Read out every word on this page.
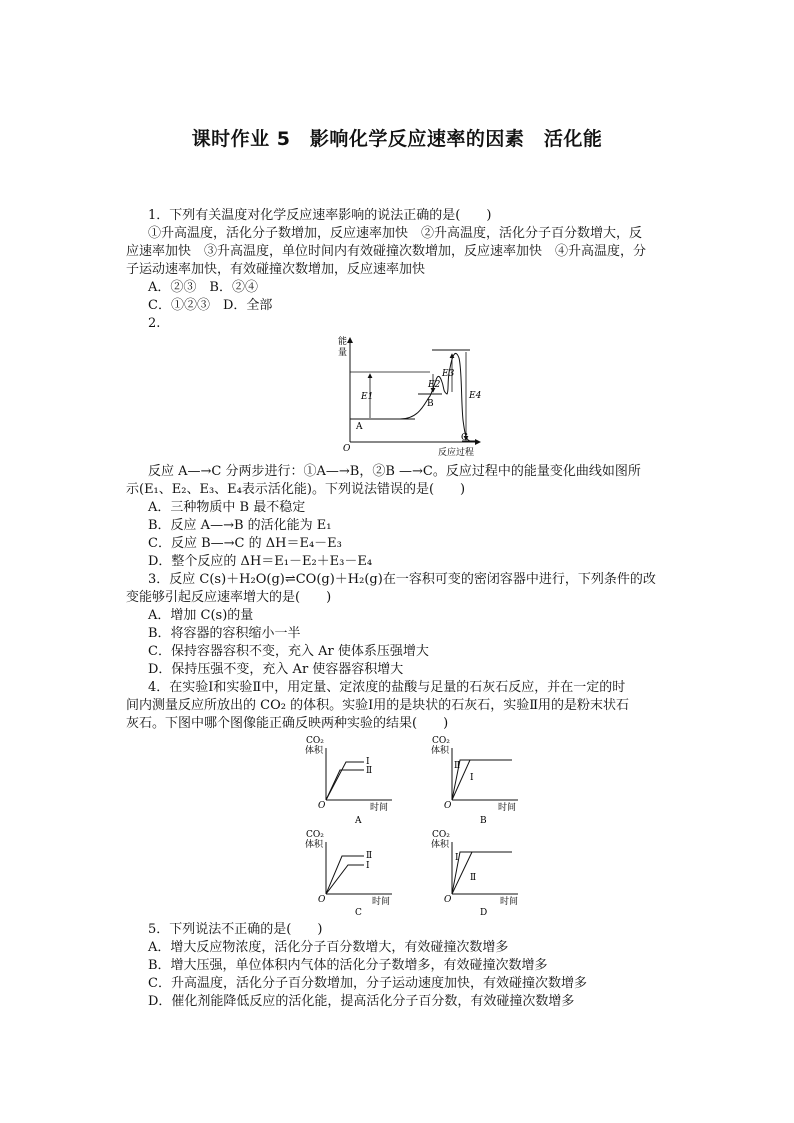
课时作业 5　影响化学反应速率的因素　活化能
1．下列有关温度对化学反应速率影响的说法正确的是(　　)
①升高温度，活化分子数增加，反应速率加快　②升高温度，活化分子百分数增大，反
应速率加快　③升高温度，单位时间内有效碰撞次数增加，反应速率加快　④升高温度，分
子运动速率加快，有效碰撞次数增加，反应速率加快
A．②③　B．②④
C．①②③　D．全部
2.
能
量
O	反应过程
E1
E2
E3
E4
A
B
C
反应 A—→C 分两步进行：①A—→B，②B —→C。反应过程中的能量变化曲线如图所
示(E₁、E₂、E₃、E₄表示活化能)。下列说法错误的是(　　)
A．三种物质中 B 最不稳定
B．反应 A—→B 的活化能为 E₁
C．反应 B—→C 的 ΔH＝E₄－E₃
D．整个反应的 ΔH＝E₁－E₂＋E₃－E₄
3．反应 C(s)＋H₂O(g)⇌CO(g)＋H₂(g)在一容积可变的密闭容器中进行，下列条件的改
变能够引起反应速率增大的是(　　)
A．增加 C(s)的量
B．将容器的容积缩小一半
C．保持容器容积不变，充入 Ar 使体系压强增大
D．保持压强不变，充入 Ar 使容器容积增大
4．在实验Ⅰ和实验Ⅱ中，用定量、定浓度的盐酸与足量的石灰石反应，并在一定的时
间内测量反应所放出的 CO₂ 的体积。实验Ⅰ用的是块状的石灰石，实验Ⅱ用的是粉末状石
灰石。下图中哪个图像能正确反映两种实验的结果(　　)
CO₂
体积
Ⅰ
Ⅱ
O	时间
A
CO₂
体积
Ⅱ
Ⅰ
O	时间
B
CO₂
体积
Ⅱ
Ⅰ
O	时间
C
CO₂
体积
Ⅰ
Ⅱ
O	时间
D
5．下列说法不正确的是(　　)
A．增大反应物浓度，活化分子百分数增大，有效碰撞次数增多
B．增大压强，单位体积内气体的活化分子数增多，有效碰撞次数增多
C．升高温度，活化分子百分数增加，分子运动速度加快，有效碰撞次数增多
D．催化剂能降低反应的活化能，提高活化分子百分数，有效碰撞次数增多
